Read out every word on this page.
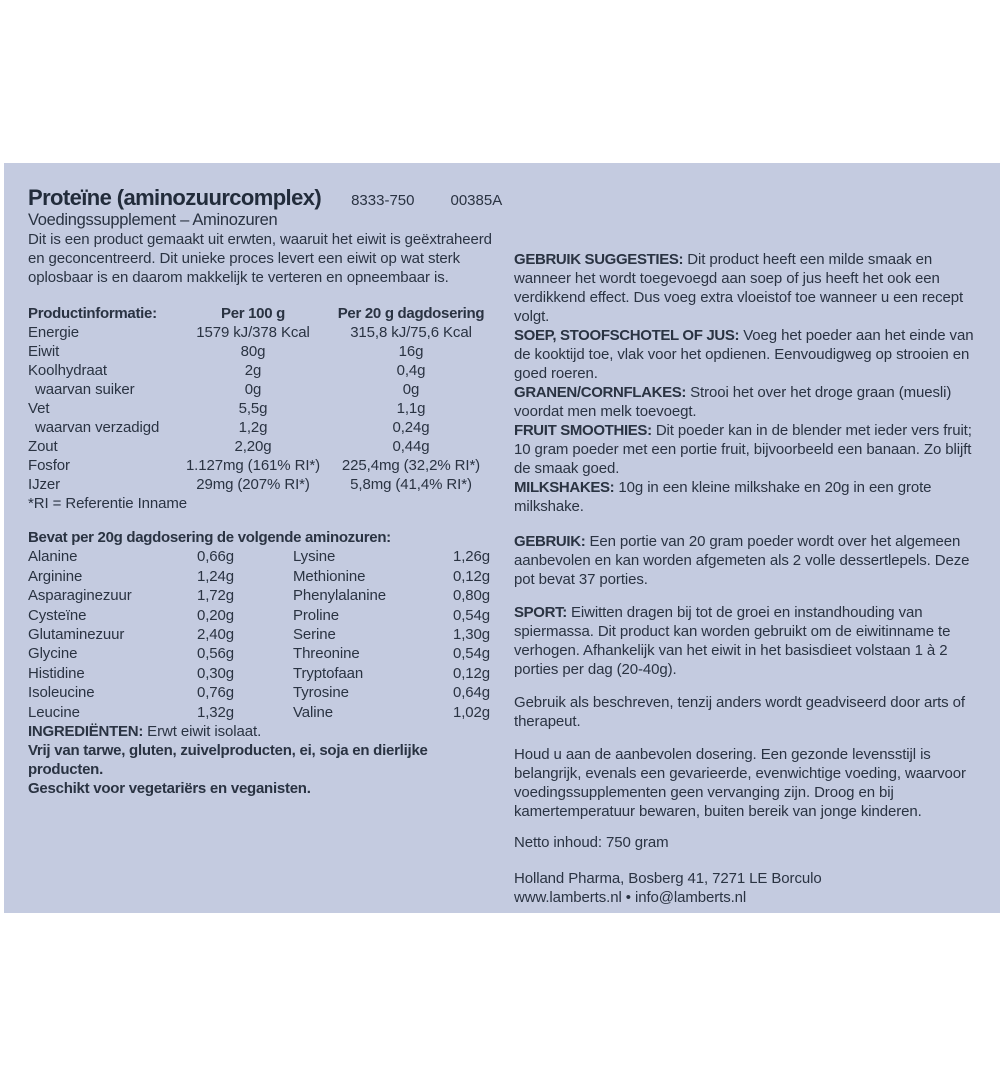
Proteïne (aminozuurcomplex) 8333-750 00385A
Voedingssupplement – Aminozuren

Dit is een product gemaakt uit erwten, waaruit het eiwit is geëxtraheerd en geconcentreerd. Dit unieke proces levert een eiwit op wat sterk oplosbaar is en daarom makkelijk te verteren en opneembaar is.

Productinformatie:	Per 100 g	Per 20 g dagdosering
Energie	1579 kJ/378 Kcal	315,8 kJ/75,6 Kcal
Eiwit	80g	16g
Koolhydraat	2g	0,4g
waarvan suiker	0g	0g
Vet	5,5g	1,1g
waarvan verzadigd	1,2g	0,24g
Zout	2,20g	0,44g
Fosfor	1.127mg (161% RI*)	225,4mg (32,2% RI*)
IJzer	29mg (207% RI*)	5,8mg (41,4% RI*)
*RI = Referentie Inname
Bevat per 20g dagdosering de volgende aminozuren:
Alanine	0,66g	Lysine	1,26g
Arginine	1,24g	Methionine	0,12g
Asparaginezuur	1,72g	Phenylalanine	0,80g
Cysteïne	0,20g	Proline	0,54g
Glutaminezuur	2,40g	Serine	1,30g
Glycine	0,56g	Threonine	0,54g
Histidine	0,30g	Tryptofaan	0,12g
Isoleucine	0,76g	Tyrosine	0,64g
Leucine	1,32g	Valine	1,02g

INGREDIËNTEN: Erwt eiwit isolaat.

Vrij van tarwe, gluten, zuivelproducten, ei, soja en dierlijke producten.

Geschikt voor vegetariërs en veganisten.

GEBRUIK SUGGESTIES: Dit product heeft een milde smaak en wanneer het wordt toegevoegd aan soep of jus heeft het ook een verdikkend effect. Dus voeg extra vloeistof toe wanneer u een recept volgt.

SOEP, STOOFSCHOTEL OF JUS: Voeg het poeder aan het einde van de kooktijd toe, vlak voor het opdienen. Eenvoudigweg op strooien en goed roeren.

GRANEN/CORNFLAKES: Strooi het over het droge graan (muesli) voordat men melk toevoegt.

FRUIT SMOOTHIES: Dit poeder kan in de blender met ieder vers fruit; 10 gram poeder met een portie fruit, bijvoorbeeld een banaan. Zo blijft de smaak goed.

MILKSHAKES: 10g in een kleine milkshake en 20g in een grote milkshake.

GEBRUIK: Een portie van 20 gram poeder wordt over het algemeen aanbevolen en kan worden afgemeten als 2 volle dessertlepels. Deze pot bevat 37 porties.

SPORT: Eiwitten dragen bij tot de groei en instandhouding van spiermassa. Dit product kan worden gebruikt om de eiwitinname te verhogen. Afhankelijk van het eiwit in het basisdieet volstaan 1 à 2 porties per dag (20-40g).

Gebruik als beschreven, tenzij anders wordt geadviseerd door arts of therapeut.

Houd u aan de aanbevolen dosering. Een gezonde levensstijl is belangrijk, evenals een gevarieerde, evenwichtige voeding, waarvoor voedingssupplementen geen vervanging zijn. Droog en bij kamertemperatuur bewaren, buiten bereik van jonge kinderen.

Netto inhoud: 750 gram

Holland Pharma, Bosberg 41, 7271 LE Borculo

www.lamberts.nl • info@lamberts.nl
